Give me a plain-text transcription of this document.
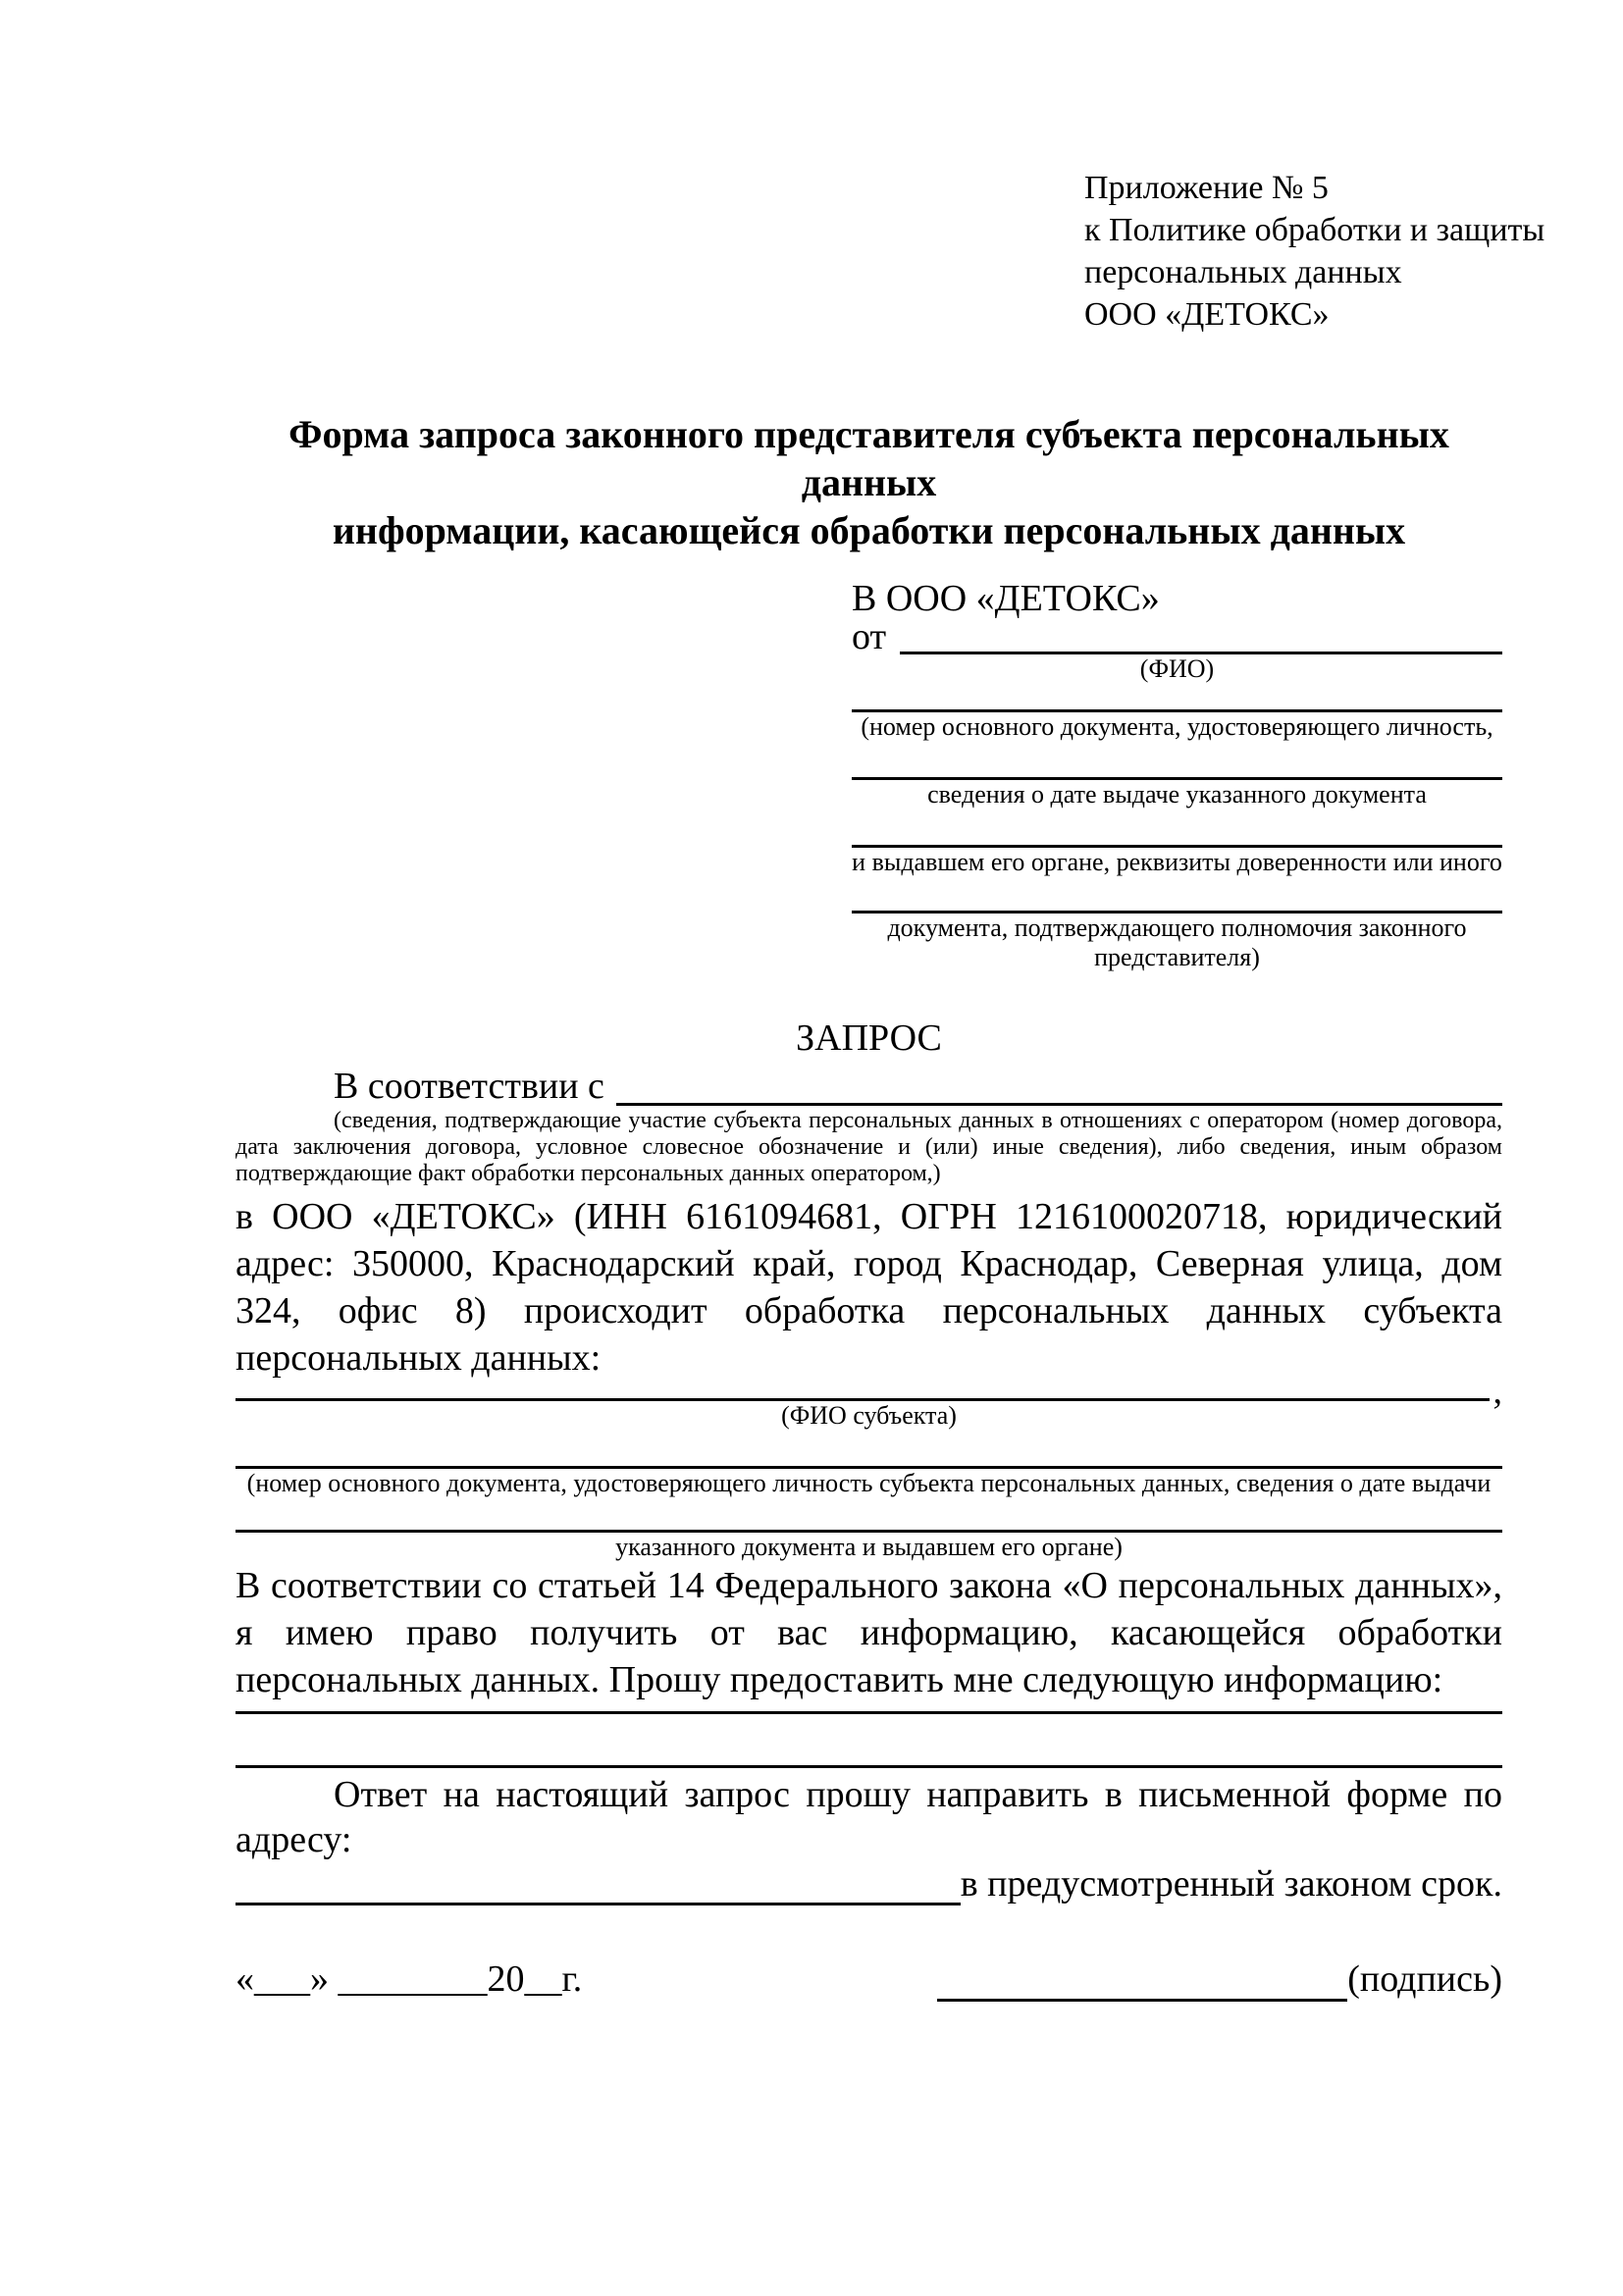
Приложение № 5
к Политике обработки и защиты
персональных данных
ООО «ДЕТОКС»
Форма запроса законного представителя субъекта персональных данных
информации, касающейся обработки персональных данных
В ООО «ДЕТОКС»
от
(ФИО)
(номер основного документа, удостоверяющего личность,
сведения о дате выдаче указанного документа
и выдавшем его органе, реквизиты доверенности или иного
документа, подтверждающего полномочия законного представителя)
ЗАПРОС
В соответствии с
(сведения, подтверждающие участие субъекта персональных данных в отношениях с оператором (номер договора, дата заключения договора, условное словесное обозначение и (или) иные сведения), либо сведения, иным образом подтверждающие факт обработки персональных данных оператором,)
в ООО «ДЕТОКС» (ИНН 6161094681, ОГРН 1216100020718, юридический адрес: 350000, Краснодарский край, город Краснодар, Северная улица, дом 324, офис 8) происходит обработка персональных данных субъекта персональных данных:
,
(ФИО субъекта)
(номер основного документа, удостоверяющего личность субъекта персональных данных, сведения о дате выдачи
указанного документа и выдавшем его органе)
В соответствии со статьей 14 Федерального закона «О персональных данных», я имею право получить от вас информацию, касающейся обработки персональных данных. Прошу предоставить мне следующую информацию:
Ответ на настоящий запрос прошу направить в письменной форме по адресу:
в предусмотренный законом срок.
«___» ________20__г.	(подпись)
